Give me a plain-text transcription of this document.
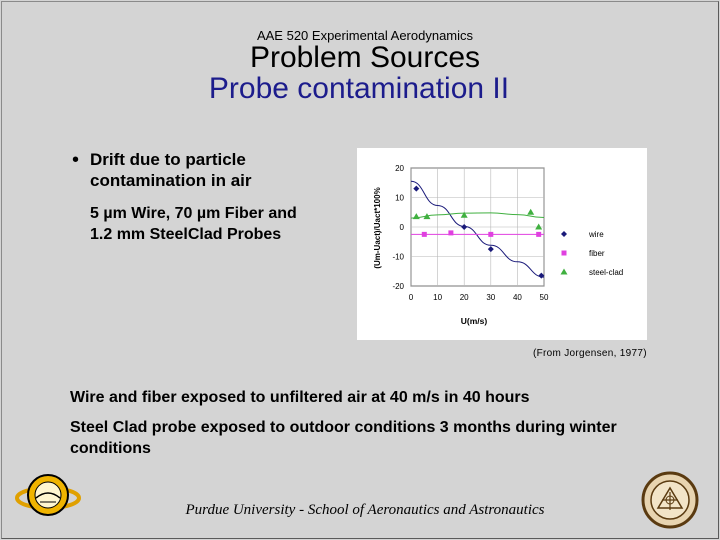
AAE 520 Experimental Aerodynamics
Problem Sources
Probe contamination II
• Drift due to particle contamination in air
5 µm Wire, 70 µm Fiber and
1.2 mm SteelClad Probes
0 10 20 30 40 50
20
10
0
-10
-20
wire
fiber
steel-clad
U(m/s)
(Um-Uact)/Uact*100%
(From Jorgensen, 1977)
Wire and fiber exposed to unfiltered air at 40 m/s in 40 hours
Steel Clad probe exposed to outdoor conditions 3 months during winter conditions
Purdue University - School of Aeronautics and Astronautics
